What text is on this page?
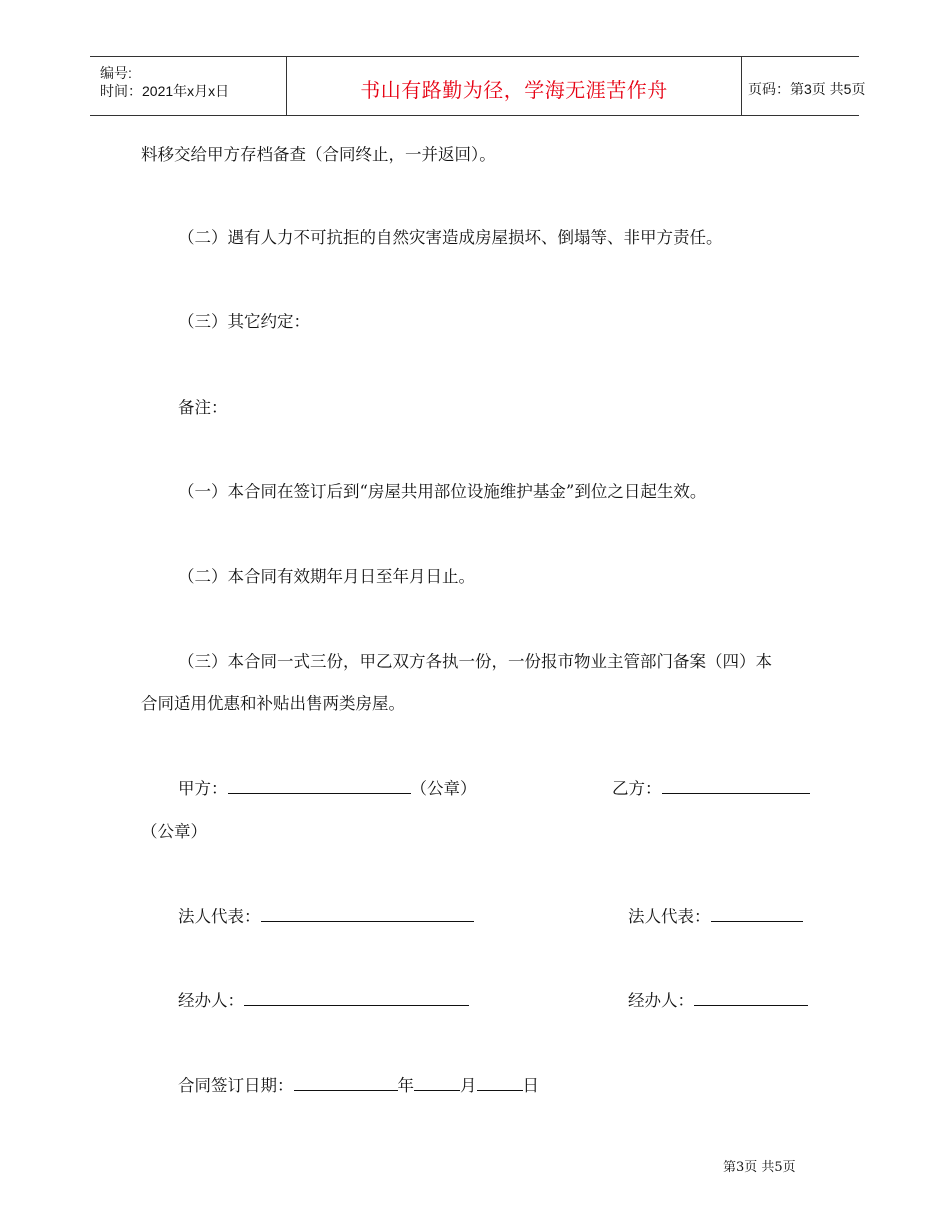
编号:
时间：2021年x月x日	书山有路勤为径，学海无涯苦作舟	页码：第3页 共5页
料移交给甲方存档备查（合同终止，一并返回）。
（二）遇有人力不可抗拒的自然灾害造成房屋损坏、倒塌等、非甲方责任。
（三）其它约定：
备注：
（一）本合同在签订后到“房屋共用部位设施维护基金”到位之日起生效。
（二）本合同有效期年月日至年月日止。
（三）本合同一式三份，甲乙双方各执一份，一份报市物业主管部门备案（四）本
合同适用优惠和补贴出售两类房屋。
甲方：	（公章）	乙方：
（公章）
法人代表：	法人代表：
经办人：	经办人：
合同签订日期：	年	月	日
第3页 共5页
